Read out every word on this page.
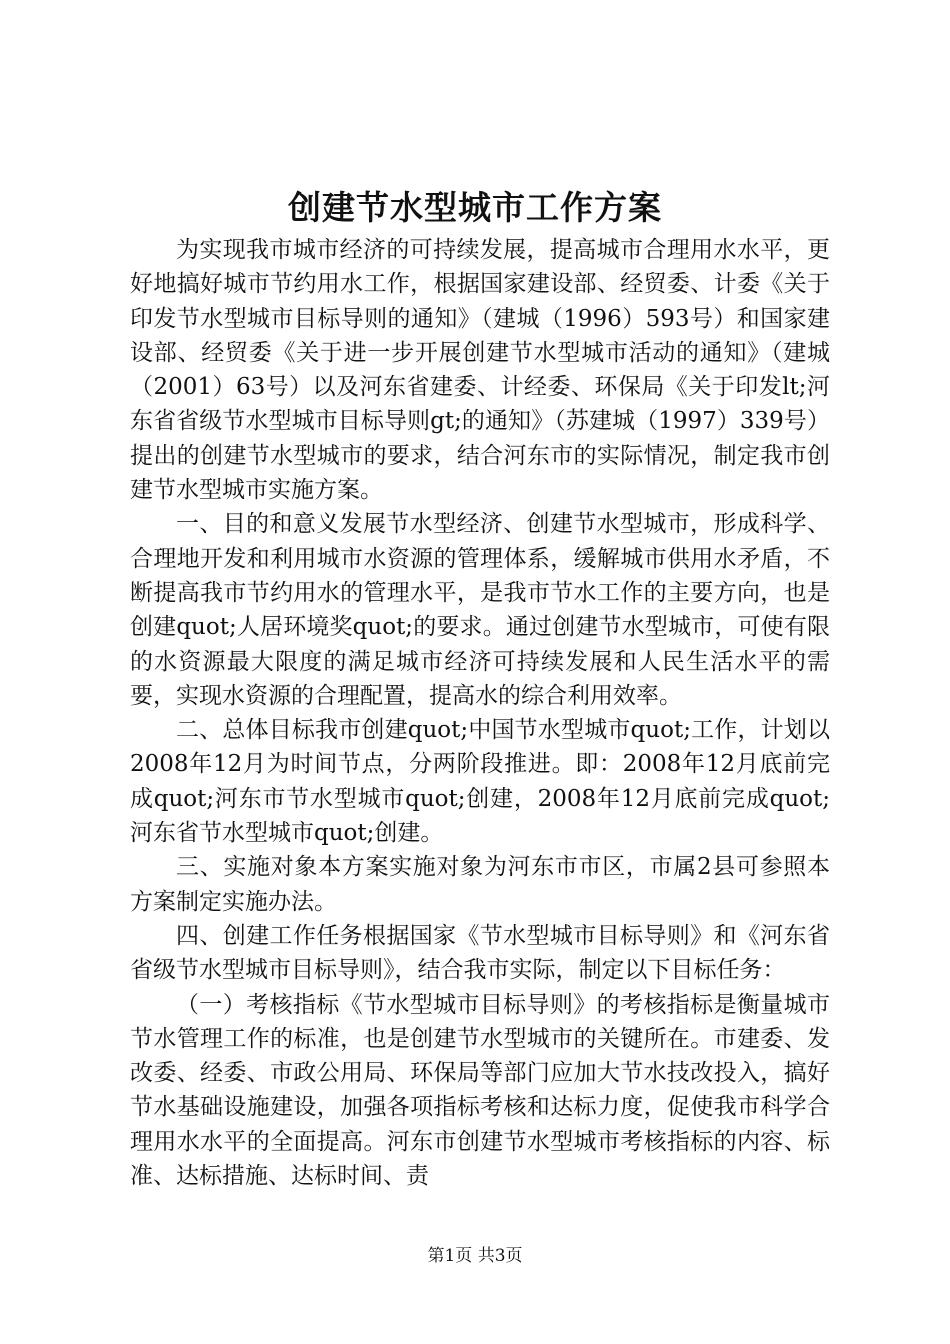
创建节水型城市工作方案

为实现我市城市经济的可持续发展，提高城市合理用水水平，更好地搞好城市节约用水工作，根据国家建设部、经贸委、计委《关于印发节水型城市目标导则的通知》（建城（1996）593号）和国家建设部、经贸委《关于进一步开展创建节水型城市活动的通知》（建城（2001）63号）以及河东省建委、计经委、环保局《关于印发lt;河东省省级节水型城市目标导则gt;的通知》（苏建城（1997）339号）提出的创建节水型城市的要求，结合河东市的实际情况，制定我市创建节水型城市实施方案。

一、目的和意义发展节水型经济、创建节水型城市，形成科学、合理地开发和利用城市水资源的管理体系，缓解城市供用水矛盾，不断提高我市节约用水的管理水平，是我市节水工作的主要方向，也是创建quot;人居环境奖quot;的要求。通过创建节水型城市，可使有限的水资源最大限度的满足城市经济可持续发展和人民生活水平的需要，实现水资源的合理配置，提高水的综合利用效率。

二、总体目标我市创建quot;中国节水型城市quot;工作，计划以2008年12月为时间节点，分两阶段推进。即：2008年12月底前完成quot;河东市节水型城市quot;创建，2008年12月底前完成quot;河东省节水型城市quot;创建。

三、实施对象本方案实施对象为河东市市区，市属2县可参照本方案制定实施办法。

四、创建工作任务根据国家《节水型城市目标导则》和《河东省省级节水型城市目标导则》，结合我市实际，制定以下目标任务：

（一）考核指标《节水型城市目标导则》的考核指标是衡量城市节水管理工作的标准，也是创建节水型城市的关键所在。市建委、发改委、经委、市政公用局、环保局等部门应加大节水技改投入，搞好节水基础设施建设，加强各项指标考核和达标力度，促使我市科学合理用水水平的全面提高。河东市创建节水型城市考核指标的内容、标准、达标措施、达标时间、责

第1页 共3页
